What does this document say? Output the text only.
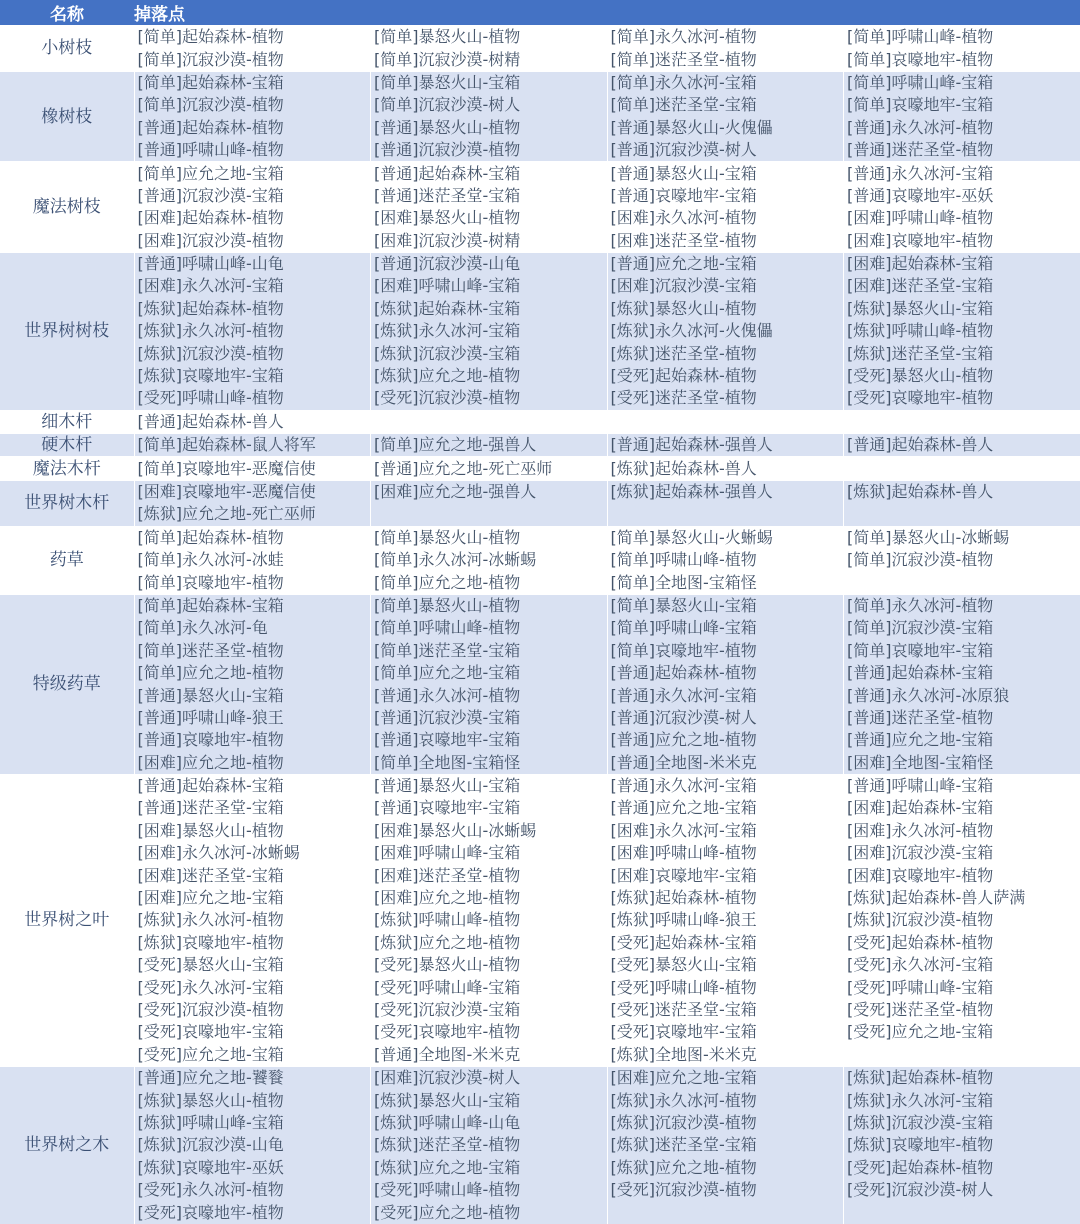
名称	掉落点			
小树枝	[简单]起始森林-植物	[简单]暴怒火山-植物	[简单]永久冰河-植物	[简单]呼啸山峰-植物
	[简单]沉寂沙漠-植物	[简单]沉寂沙漠-树精	[简单]迷茫圣堂-植物	[简单]哀嚎地牢-植物
橡树枝	[简单]起始森林-宝箱	[简单]暴怒火山-宝箱	[简单]永久冰河-宝箱	[简单]呼啸山峰-宝箱
	[简单]沉寂沙漠-植物	[简单]沉寂沙漠-树人	[简单]迷茫圣堂-宝箱	[简单]哀嚎地牢-宝箱
	[普通]起始森林-植物	[普通]暴怒火山-植物	[普通]暴怒火山-火傀儡	[普通]永久冰河-植物
	[普通]呼啸山峰-植物	[普通]沉寂沙漠-植物	[普通]沉寂沙漠-树人	[普通]迷茫圣堂-植物
魔法树枝	[简单]应允之地-宝箱	[普通]起始森林-宝箱	[普通]暴怒火山-宝箱	[普通]永久冰河-宝箱
	[普通]沉寂沙漠-宝箱	[普通]迷茫圣堂-宝箱	[普通]哀嚎地牢-宝箱	[普通]哀嚎地牢-巫妖
	[困难]起始森林-植物	[困难]暴怒火山-植物	[困难]永久冰河-植物	[困难]呼啸山峰-植物
	[困难]沉寂沙漠-植物	[困难]沉寂沙漠-树精	[困难]迷茫圣堂-植物	[困难]哀嚎地牢-植物
世界树树枝	[普通]呼啸山峰-山龟	[普通]沉寂沙漠-山龟	[普通]应允之地-宝箱	[困难]起始森林-宝箱
	[困难]永久冰河-宝箱	[困难]呼啸山峰-宝箱	[困难]沉寂沙漠-宝箱	[困难]迷茫圣堂-宝箱
	[炼狱]起始森林-植物	[炼狱]起始森林-宝箱	[炼狱]暴怒火山-植物	[炼狱]暴怒火山-宝箱
	[炼狱]永久冰河-植物	[炼狱]永久冰河-宝箱	[炼狱]永久冰河-火傀儡	[炼狱]呼啸山峰-植物
	[炼狱]沉寂沙漠-植物	[炼狱]沉寂沙漠-宝箱	[炼狱]迷茫圣堂-植物	[炼狱]迷茫圣堂-宝箱
	[炼狱]哀嚎地牢-宝箱	[炼狱]应允之地-植物	[受死]起始森林-植物	[受死]暴怒火山-植物
	[受死]呼啸山峰-植物	[受死]沉寂沙漠-植物	[受死]迷茫圣堂-植物	[受死]哀嚎地牢-植物
细木杆	[普通]起始森林-兽人			
硬木杆	[简单]起始森林-鼠人将军	[简单]应允之地-强兽人	[普通]起始森林-强兽人	[普通]起始森林-兽人
魔法木杆	[简单]哀嚎地牢-恶魔信使	[普通]应允之地-死亡巫师	[炼狱]起始森林-兽人	
世界树木杆	[困难]哀嚎地牢-恶魔信使	[困难]应允之地-强兽人	[炼狱]起始森林-强兽人	[炼狱]起始森林-兽人
	[炼狱]应允之地-死亡巫师			
药草	[简单]起始森林-植物	[简单]暴怒火山-植物	[简单]暴怒火山-火蜥蜴	[简单]暴怒火山-冰蜥蜴
	[简单]永久冰河-冰蛙	[简单]永久冰河-冰蜥蜴	[简单]呼啸山峰-植物	[简单]沉寂沙漠-植物
	[简单]哀嚎地牢-植物	[简单]应允之地-植物	[简单]全地图-宝箱怪	
特级药草	[简单]起始森林-宝箱	[简单]暴怒火山-植物	[简单]暴怒火山-宝箱	[简单]永久冰河-植物
	[简单]永久冰河-龟	[简单]呼啸山峰-植物	[简单]呼啸山峰-宝箱	[简单]沉寂沙漠-宝箱
	[简单]迷茫圣堂-植物	[简单]迷茫圣堂-宝箱	[简单]哀嚎地牢-植物	[简单]哀嚎地牢-宝箱
	[简单]应允之地-植物	[简单]应允之地-宝箱	[普通]起始森林-植物	[普通]起始森林-宝箱
	[普通]暴怒火山-宝箱	[普通]永久冰河-植物	[普通]永久冰河-宝箱	[普通]永久冰河-冰原狼
	[普通]呼啸山峰-狼王	[普通]沉寂沙漠-宝箱	[普通]沉寂沙漠-树人	[普通]迷茫圣堂-植物
	[普通]哀嚎地牢-植物	[普通]哀嚎地牢-宝箱	[普通]应允之地-植物	[普通]应允之地-宝箱
	[困难]应允之地-植物	[简单]全地图-宝箱怪	[普通]全地图-米米克	[困难]全地图-宝箱怪
世界树之叶	[普通]起始森林-宝箱	[普通]暴怒火山-宝箱	[普通]永久冰河-宝箱	[普通]呼啸山峰-宝箱
	[普通]迷茫圣堂-宝箱	[普通]哀嚎地牢-宝箱	[普通]应允之地-宝箱	[困难]起始森林-宝箱
	[困难]暴怒火山-植物	[困难]暴怒火山-冰蜥蜴	[困难]永久冰河-宝箱	[困难]永久冰河-植物
	[困难]永久冰河-冰蜥蜴	[困难]呼啸山峰-宝箱	[困难]呼啸山峰-植物	[困难]沉寂沙漠-宝箱
	[困难]迷茫圣堂-宝箱	[困难]迷茫圣堂-植物	[困难]哀嚎地牢-宝箱	[困难]哀嚎地牢-植物
	[困难]应允之地-宝箱	[困难]应允之地-植物	[炼狱]起始森林-植物	[炼狱]起始森林-兽人萨满
	[炼狱]永久冰河-植物	[炼狱]呼啸山峰-植物	[炼狱]呼啸山峰-狼王	[炼狱]沉寂沙漠-植物
	[炼狱]哀嚎地牢-植物	[炼狱]应允之地-植物	[受死]起始森林-宝箱	[受死]起始森林-植物
	[受死]暴怒火山-宝箱	[受死]暴怒火山-植物	[受死]暴怒火山-宝箱	[受死]永久冰河-宝箱
	[受死]永久冰河-宝箱	[受死]呼啸山峰-宝箱	[受死]呼啸山峰-植物	[受死]呼啸山峰-宝箱
	[受死]沉寂沙漠-植物	[受死]沉寂沙漠-宝箱	[受死]迷茫圣堂-宝箱	[受死]迷茫圣堂-植物
	[受死]哀嚎地牢-宝箱	[受死]哀嚎地牢-植物	[受死]哀嚎地牢-宝箱	[受死]应允之地-宝箱
	[受死]应允之地-宝箱	[普通]全地图-米米克	[炼狱]全地图-米米克	
世界树之木	[普通]应允之地-饕餮	[困难]沉寂沙漠-树人	[困难]应允之地-宝箱	[炼狱]起始森林-植物
	[炼狱]暴怒火山-植物	[炼狱]暴怒火山-宝箱	[炼狱]永久冰河-植物	[炼狱]永久冰河-宝箱
	[炼狱]呼啸山峰-宝箱	[炼狱]呼啸山峰-山龟	[炼狱]沉寂沙漠-植物	[炼狱]沉寂沙漠-宝箱
	[炼狱]沉寂沙漠-山龟	[炼狱]迷茫圣堂-植物	[炼狱]迷茫圣堂-宝箱	[炼狱]哀嚎地牢-植物
	[炼狱]哀嚎地牢-巫妖	[炼狱]应允之地-宝箱	[炼狱]应允之地-植物	[受死]起始森林-植物
	[受死]永久冰河-植物	[受死]呼啸山峰-植物	[受死]沉寂沙漠-植物	[受死]沉寂沙漠-树人
	[受死]哀嚎地牢-植物	[受死]应允之地-植物		
